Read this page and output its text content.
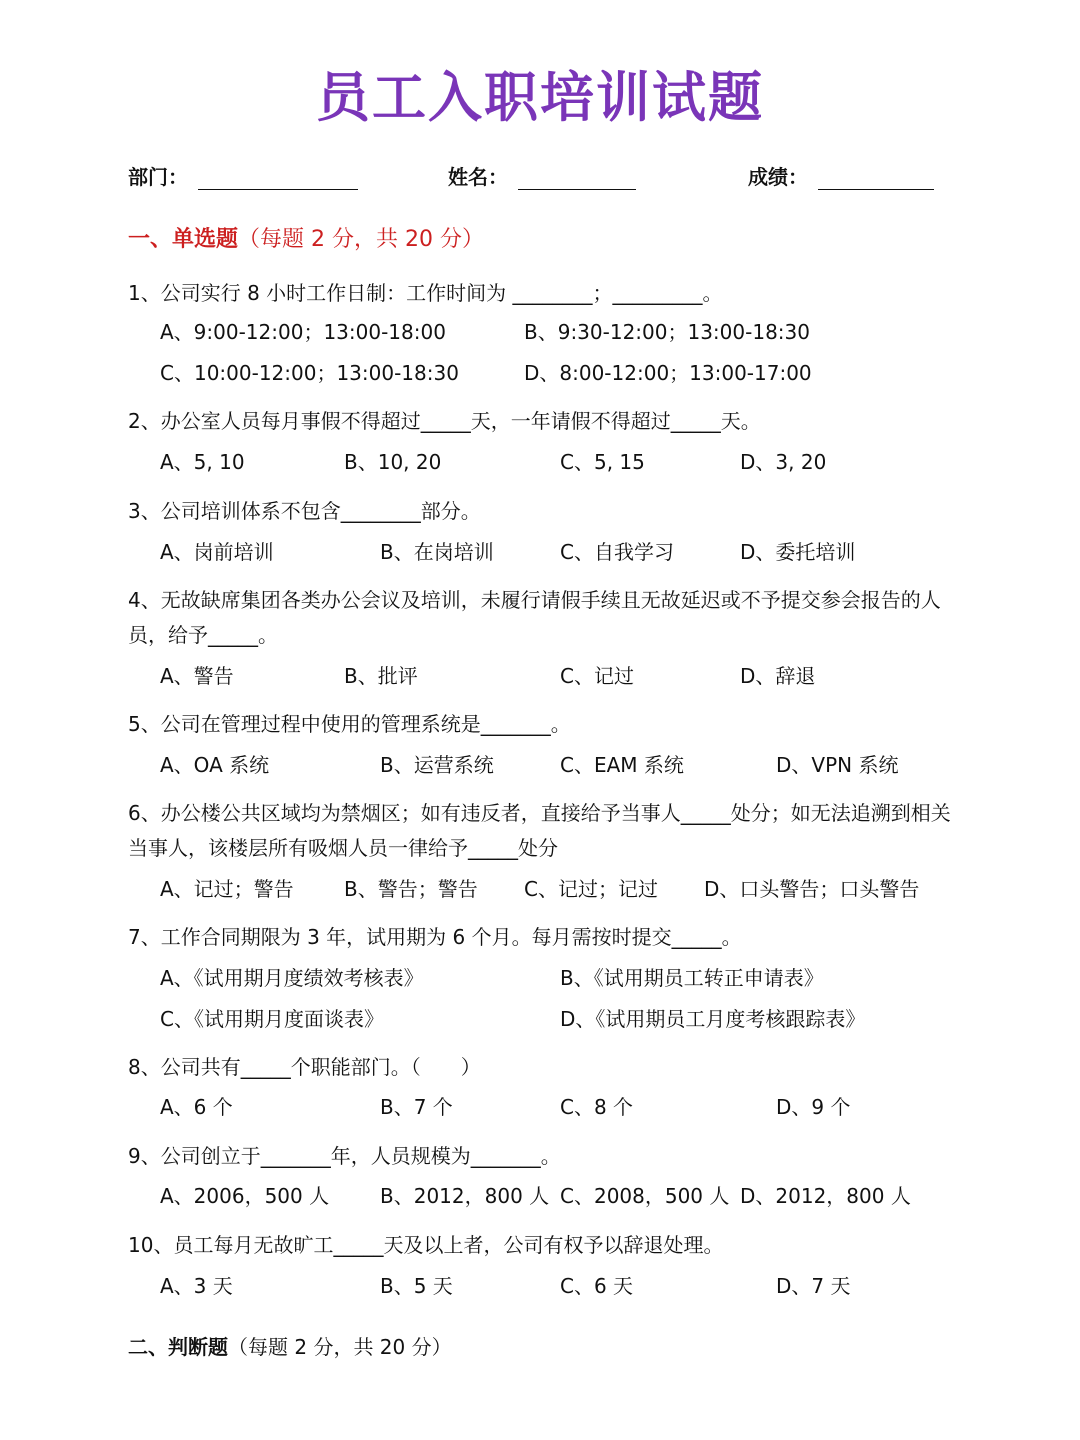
员工入职培训试题
部门：	姓名：	成绩：
一、单选题（每题 2 分，共 20 分）
1、公司实行 8 小时工作日制：工作时间为 ________；_________。
A、9:00-12:00；13:00-18:00	B、9:30-12:00；13:00-18:30
C、10:00-12:00；13:00-18:30	D、8:00-12:00；13:00-17:00
2、办公室人员每月事假不得超过_____天，一年请假不得超过_____天。
A、5, 10	B、10, 20	C、5, 15	D、3, 20
3、公司培训体系不包含________部分。
A、岗前培训	B、在岗培训	C、自我学习	D、委托培训
4、无故缺席集团各类办公会议及培训，未履行请假手续且无故延迟或不予提交参会报告的人员，给予_____。
A、警告	B、批评	C、记过	D、辞退
5、公司在管理过程中使用的管理系统是_______。
A、OA 系统	B、运营系统	C、EAM 系统	D、VPN 系统
6、办公楼公共区域均为禁烟区；如有违反者，直接给予当事人_____处分；如无法追溯到相关当事人，该楼层所有吸烟人员一律给予_____处分
A、记过；警告	B、警告；警告 C、记过；记过 D、口头警告；口头警告
7、工作合同期限为 3 年，试用期为 6 个月。每月需按时提交_____。
A、《试用期月度绩效考核表》	B、《试用期员工转正申请表》
C、《试用期月度面谈表》	D、《试用期员工月度考核跟踪表》
8、公司共有_____个职能部门。（　　）
A、6 个	B、7 个	C、8 个	D、9 个
9、公司创立于_______年，人员规模为_______。
A、2006，500 人	B、2012，800 人 C、2008，500 人 D、2012，800 人
10、员工每月无故旷工_____天及以上者，公司有权予以辞退处理。
A、3 天	B、5 天	C、6 天	D、7 天
二、判断题（每题 2 分，共 20 分）
